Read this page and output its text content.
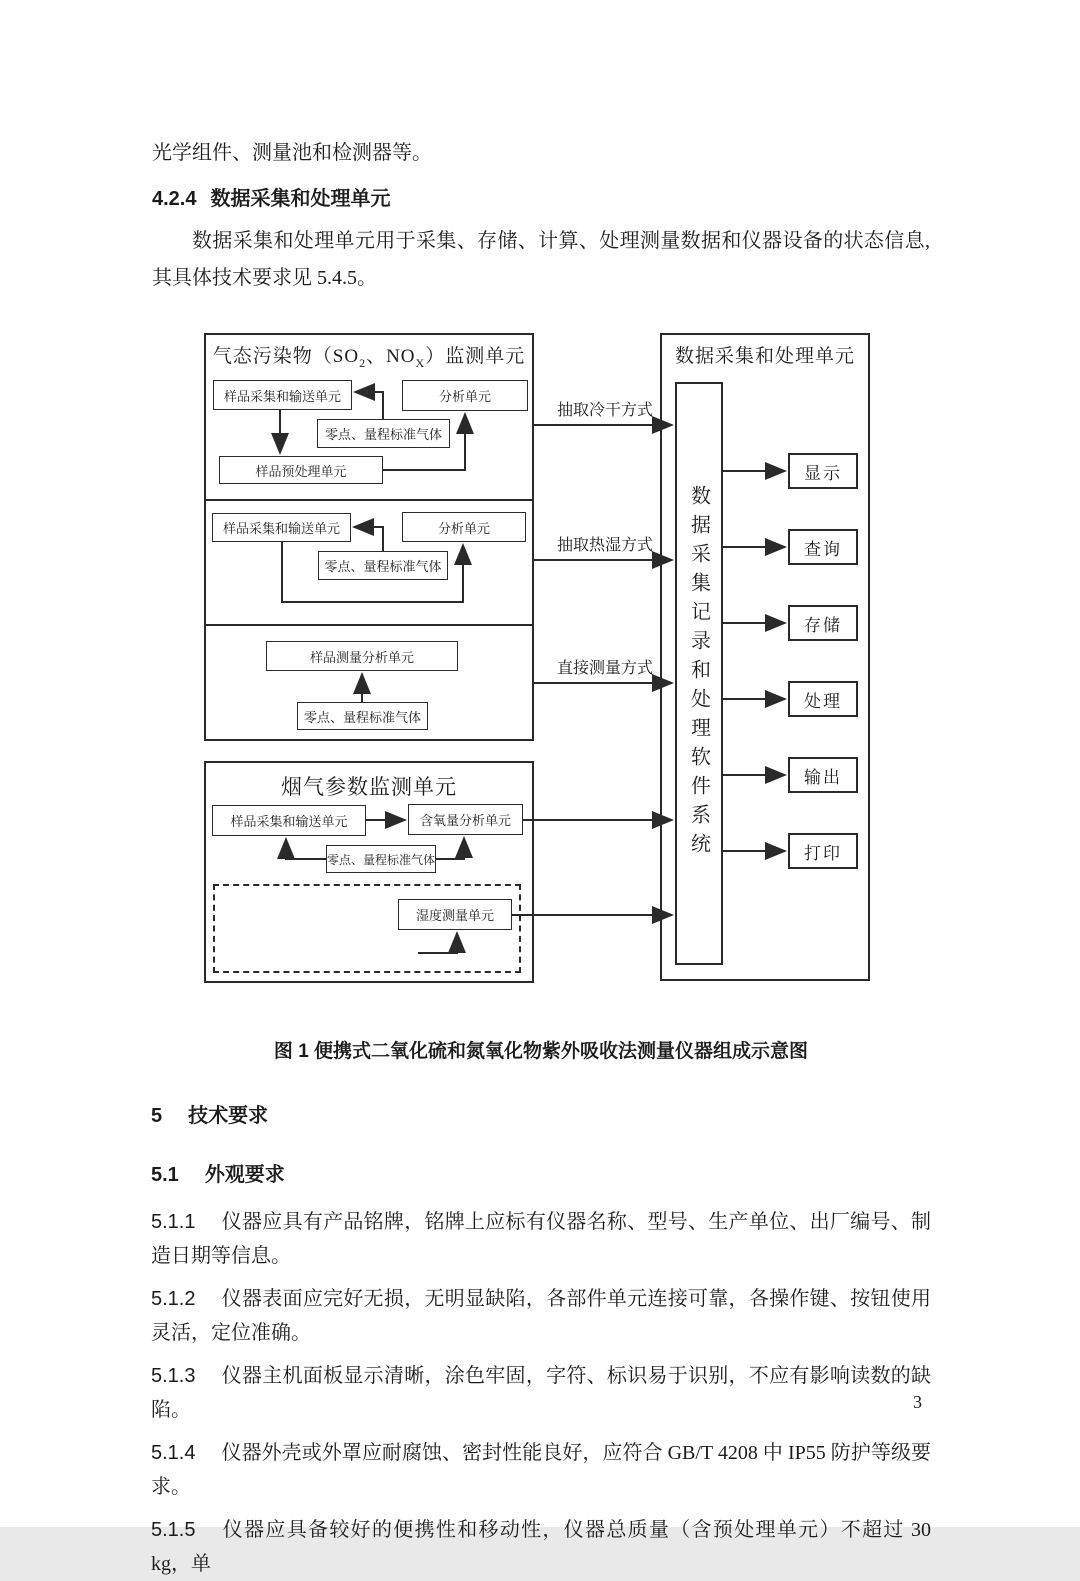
光学组件、测量池和检测器等。
4.2.4 数据采集和处理单元
数据采集和处理单元用于采集、存储、计算、处理测量数据和仪器设备的状态信息,其具体技术要求见 5.4.5。
气态污染物（$SO_2$、$NO_X$）监测单元
样品采集和输送单元	分析单元
零点、量程标准气体
样品预处理单元
样品采集和输送单元	分析单元
零点、量程标准气体
样品测量分析单元
零点、量程标准气体
烟气参数监测单元
样品采集和输送单元	含氧量分析单元
零点、量程标准气体
湿度测量单元
抽取冷干方式
抽取热湿方式
直接测量方式
数据采集和处理单元
数据采集记录和处理软件系统
显示
查询
存储
处理
输出
打印
图 1 便携式二氧化硫和氮氧化物紫外吸收法测量仪器组成示意图
5 技术要求
5.1 外观要求

5.1.1 仪器应具有产品铭牌，铭牌上应标有仪器名称、型号、生产单位、出厂编号、制造日期等信息。

5.1.2 仪器表面应完好无损，无明显缺陷，各部件单元连接可靠，各操作键、按钮使用灵活，定位准确。

5.1.3 仪器主机面板显示清晰，涂色牢固，字符、标识易于识别，不应有影响读数的缺陷。

5.1.4 仪器外壳或外罩应耐腐蚀、密封性能良好，应符合 GB/T 4208 中 IP55 防护等级要求。

5.1.5 仪器应具备较好的便携性和移动性，仪器总质量（含预处理单元）不超过 30 kg，单

3
